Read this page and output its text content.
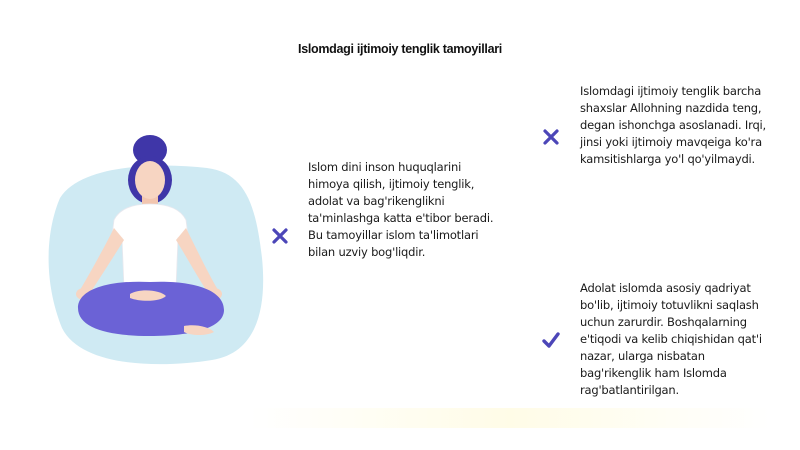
Islomdagi ijtimoiy tenglik tamoyillari
Islom dini inson huquqlarini
himoya qilish, ijtimoiy tenglik,
adolat va bag'rikenglikni
ta'minlashga katta e'tibor beradi.
Bu tamoyillar islom ta'limotlari
bilan uzviy bog'liqdir.
Islomdagi ijtimoiy tenglik barcha
shaxslar Allohning nazdida teng,
degan ishonchga asoslanadi. Irqi,
jinsi yoki ijtimoiy mavqeiga ko'ra
kamsitishlarga yo'l qo'yilmaydi.
Adolat islomda asosiy qadriyat
bo'lib, ijtimoiy totuvlikni saqlash
uchun zarurdir. Boshqalarning
e'tiqodi va kelib chiqishidan qat'i
nazar, ularga nisbatan
bag'rikenglik ham Islomda
rag'batlantirilgan.
